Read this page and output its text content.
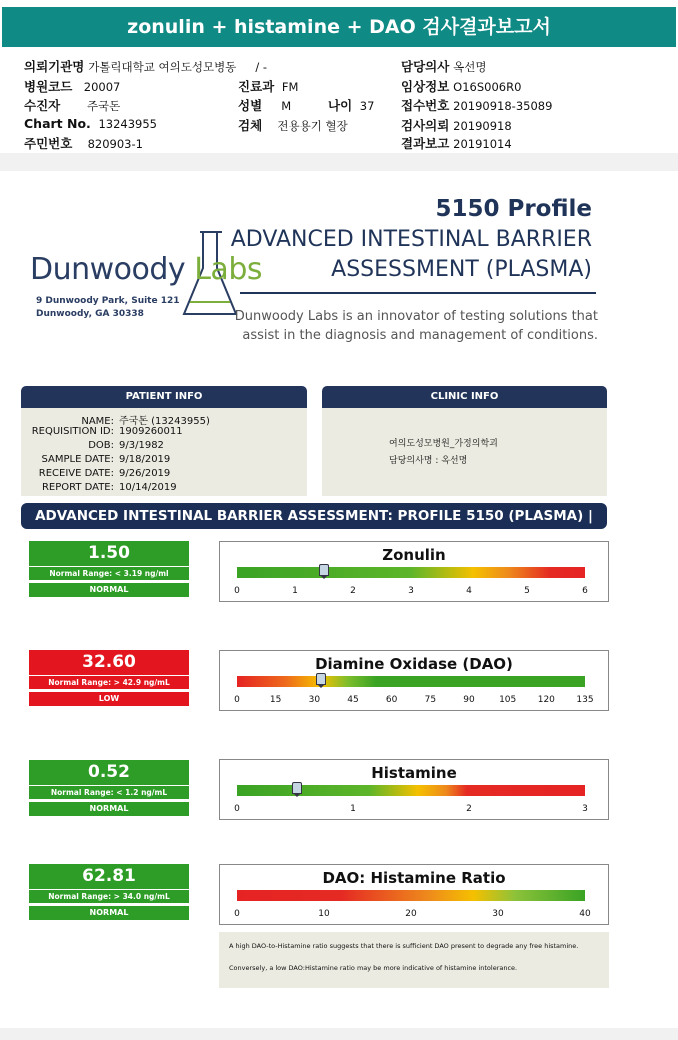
zonulin + histamine + DAO 검사결과보고서
의뢰기관명 가톨릭대학교 여의도성모병동 / -
병원코드 20007
수진자 주국돈
Chart No. 13243955
주민번호 820903-1
진료과 FM
성별 M	나이 37
검체 전용용기 혈장
담당의사 옥선명
임상정보 O16S006R0
접수번호 20190918-35089
검사의뢰 20190918
결과보고 20191014
Dunwoody Labs
9 Dunwoody Park, Suite 121
Dunwoody, GA 30338
5150 Profile
ADVANCED INTESTINAL BARRIER
ASSESSMENT (PLASMA)
Dunwoody Labs is an innovator of testing solutions that assist in the diagnosis and management of conditions.
PATIENT INFO
NAME: 주국돈 (13243955)
REQUISITION ID: 1909260011
DOB: 9/3/1982
SAMPLE DATE: 9/18/2019
RECEIVE DATE: 9/26/2019
REPORT DATE: 10/14/2019
CLINIC INFO
여의도성모병원_가정의학괴
담당의사명 : 옥선명
ADVANCED INTESTINAL BARRIER ASSESSMENT: PROFILE 5150 (PLASMA) |
1.50
Normal Range: < 3.19 ng/ml
NORMAL
Zonulin
0	1	2	3	4	5	6
32.60
Normal Range: > 42.9 ng/mL
LOW
Diamine Oxidase (DAO)
0	15	30	45	60	75	90	105 120 135
0.52
Normal Range: < 1.2 ng/mL
NORMAL
Histamine
0	1	2	3
62.81
Normal Range: > 34.0 ng/mL
NORMAL
DAO: Histamine Ratio
0	10	20	30	40
A high DAO-to-Histamine ratio suggests that there is sufficient DAO present to degrade any free histamine.
Conversely, a low DAO:Histamine ratio may be more indicative of histamine intolerance.
